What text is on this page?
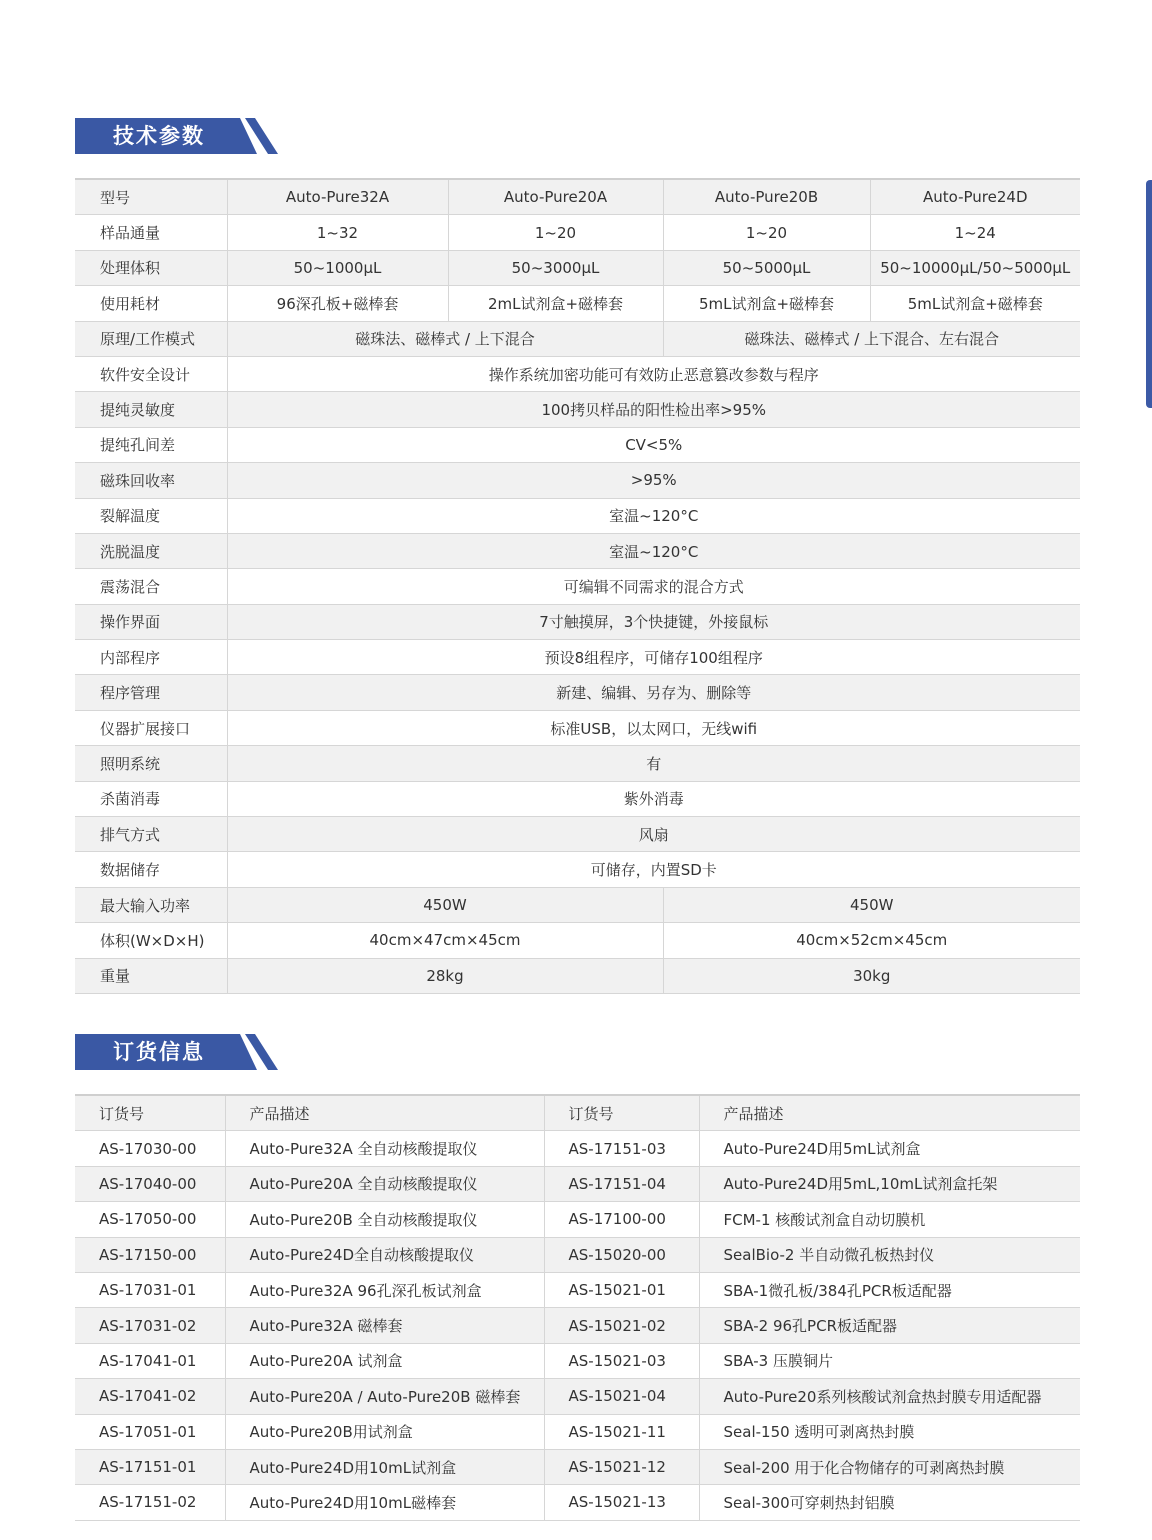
技术参数
型号	Auto-Pure32A	Auto-Pure20A	Auto-Pure20B	Auto-Pure24D
样品通量	1~32	1~20	1~20	1~24
处理体积	50~1000µL	50~3000µL	50~5000µL	50~10000µL/50~5000µL
使用耗材	96深孔板+磁棒套	2mL试剂盒+磁棒套	5mL试剂盒+磁棒套	5mL试剂盒+磁棒套
原理/工作模式	磁珠法、磁棒式 / 上下混合		磁珠法、磁棒式 / 上下混合、左右混合	
软件安全设计	操作系统加密功能可有效防止恶意篡改参数与程序			
提纯灵敏度	100拷贝样品的阳性检出率>95%			
提纯孔间差	CV<5%			
磁珠回收率	>95%			
裂解温度	室温~120°C			
洗脱温度	室温~120°C			
震荡混合	可编辑不同需求的混合方式			
操作界面	7寸触摸屏，3个快捷键，外接鼠标			
内部程序	预设8组程序，可储存100组程序			
程序管理	新建、编辑、另存为、删除等			
仪器扩展接口	标准USB，以太网口，无线wifi			
照明系统	有			
杀菌消毒	紫外消毒			
排气方式	风扇			
数据储存	可储存，内置SD卡			
最大输入功率	450W		450W	
体积(W×D×H)	40cm×47cm×45cm		40cm×52cm×45cm	
重量	28kg		30kg	
订货信息
订货号	产品描述	订货号	产品描述
AS-17030-00	Auto-Pure32A 全自动核酸提取仪	AS-17151-03	Auto-Pure24D用5mL试剂盒
AS-17040-00	Auto-Pure20A 全自动核酸提取仪	AS-17151-04	Auto-Pure24D用5mL,10mL试剂盒托架
AS-17050-00	Auto-Pure20B 全自动核酸提取仪	AS-17100-00	FCM-1 核酸试剂盒自动切膜机
AS-17150-00	Auto-Pure24D全自动核酸提取仪	AS-15020-00	SealBio-2 半自动微孔板热封仪
AS-17031-01	Auto-Pure32A 96孔深孔板试剂盒	AS-15021-01	SBA-1微孔板/384孔PCR板适配器
AS-17031-02	Auto-Pure32A 磁棒套	AS-15021-02	SBA-2 96孔PCR板适配器
AS-17041-01	Auto-Pure20A 试剂盒	AS-15021-03	SBA-3 压膜铜片
AS-17041-02	Auto-Pure20A / Auto-Pure20B 磁棒套	AS-15021-04	Auto-Pure20系列核酸试剂盒热封膜专用适配器
AS-17051-01	Auto-Pure20B用试剂盒	AS-15021-11	Seal-150 透明可剥离热封膜
AS-17151-01	Auto-Pure24D用10mL试剂盒	AS-15021-12	Seal-200 用于化合物储存的可剥离热封膜
AS-17151-02	Auto-Pure24D用10mL磁棒套	AS-15021-13	Seal-300可穿刺热封铝膜
